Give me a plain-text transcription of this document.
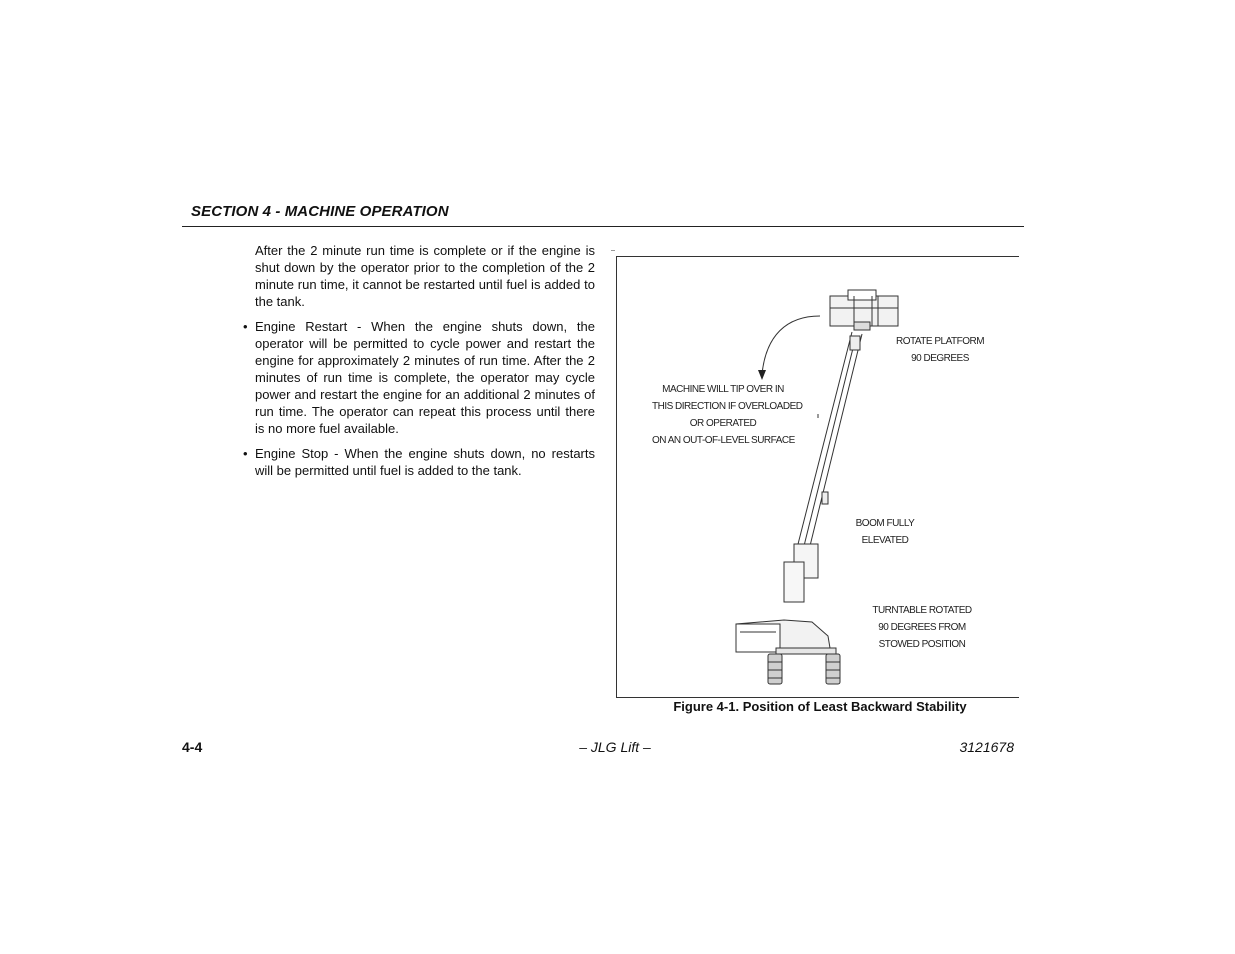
SECTION 4 - MACHINE OPERATION

After the 2 minute run time is complete or if the engine is shut down by the operator prior to the completion of the 2 minute run time, it cannot be restarted until fuel is added to the tank.

• Engine Restart - When the engine shuts down, the operator will be permitted to cycle power and restart the engine for approximately 2 minutes of run time. After the 2 minutes of run time is complete, the operator may cycle power and restart the engine for an additional 2 minutes of run time. The operator can repeat this process until there is no more fuel available.

• Engine Stop - When the engine shuts down, no restarts will be permitted until fuel is added to the tank.

MACHINE WILL TIP OVER IN
THIS DIRECTION IF OVERLOADED
OR OPERATED
ON AN OUT-OF-LEVEL SURFACE
ROTATE PLATFORM
90 DEGREES
BOOM FULLY
ELEVATED
TURNTABLE ROTATED
90 DEGREES FROM
STOWED POSITION
Figure 4-1. Position of Least Backward Stability
4-4	– JLG Lift –	3121678
